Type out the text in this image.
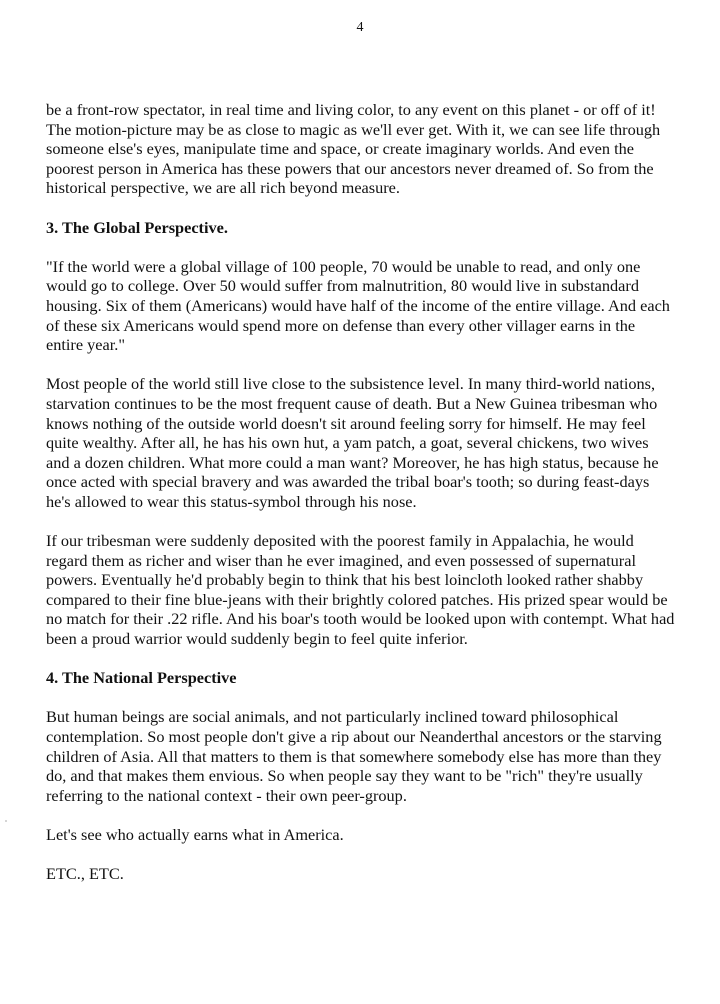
4

be a front-row spectator, in real time and living color, to any event on this planet - or off of it! The motion-picture may be as close to magic as we'll ever get. With it, we can see life through someone else's eyes, manipulate time and space, or create imaginary worlds. And even the poorest person in America has these powers that our ancestors never dreamed of. So from the historical perspective, we are all rich beyond measure.

3. The Global Perspective.

"If the world were a global village of 100 people, 70 would be unable to read, and only one would go to college. Over 50 would suffer from malnutrition, 80 would live in substandard housing. Six of them (Americans) would have half of the income of the entire village. And each of these six Americans would spend more on defense than every other villager earns in the entire year."

Most people of the world still live close to the subsistence level. In many third-world nations, starvation continues to be the most frequent cause of death. But a New Guinea tribesman who knows nothing of the outside world doesn't sit around feeling sorry for himself. He may feel quite wealthy. After all, he has his own hut, a yam patch, a goat, several chickens, two wives and a dozen children. What more could a man want? Moreover, he has high status, because he once acted with special bravery and was awarded the tribal boar's tooth; so during feast-days he's allowed to wear this status-symbol through his nose.

If our tribesman were suddenly deposited with the poorest family in Appalachia, he would regard them as richer and wiser than he ever imagined, and even possessed of supernatural powers. Eventually he'd probably begin to think that his best loincloth looked rather shabby compared to their fine blue-jeans with their brightly colored patches. His prized spear would be no match for their .22 rifle. And his boar's tooth would be looked upon with contempt. What had been a proud warrior would suddenly begin to feel quite inferior.

4. The National Perspective

But human beings are social animals, and not particularly inclined toward philosophical contemplation. So most people don't give a rip about our Neanderthal ancestors or the starving children of Asia. All that matters to them is that somewhere somebody else has more than they do, and that makes them envious. So when people say they want to be "rich" they're usually referring to the national context - their own peer-group.

Let's see who actually earns what in America.

ETC., ETC.
